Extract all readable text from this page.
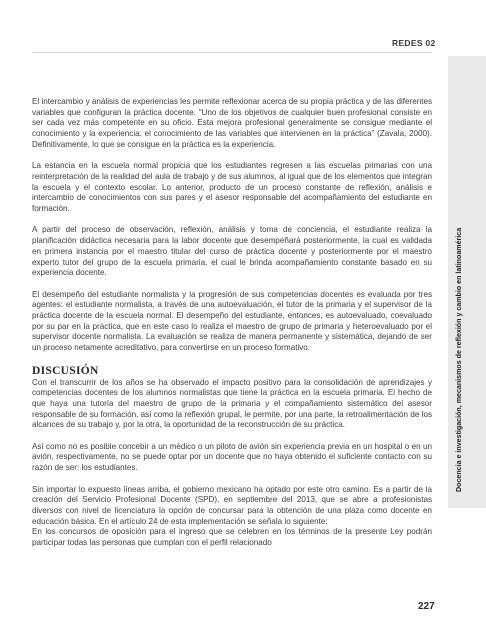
REDES 02
Docencia e investigación, mecanismos de reflexión y cambio en latinoamérica

El intercambio y análisis de experiencias les permite reflexionar acerca de su propia práctica y de las diferentes variables que configuran la práctica docente. “Uno de los objetivos de cualquier buen profesional consiste en ser cada vez más competente en su oficio. Esta mejora profesional generalmente se consigue mediante el conocimiento y la experiencia: el conocimiento de las variables que intervienen en la práctica” (Zavala, 2000). Definitivamente, lo que se consigue en la práctica es la experiencia.

La estancia en la escuela normal propicia que los estudiantes regresen a las escuelas primarias con una reinterpretación de la realidad del aula de trabajo y de sus alumnos, al igual que de los elementos que integran la escuela y el contexto escolar. Lo anterior, producto de un proceso constante de reflexión, análisis e intercambio de conocimientos con sus pares y el asesor responsable del acompañamiento del estudiante en formación.

A partir del proceso de observación, reflexión, análisis y toma de conciencia, el estudiante realiza la planificación didáctica necesaria para la labor docente que desempeñará posteriormente, la cual es validada en primera instancia por el maestro titular del curso de práctica docente y posteriormente por el maestro experto tutor del grupo de la escuela primaria, el cual le brinda acompañamiento constante basado en su experiencia docente.

El desempeño del estudiante normalista y la progresión de sus competencias docentes es evaluada por tres agentes: el estudiante normalista, a través de una autoevaluación, el tutor de la primaria y el supervisor de la práctica docente de la escuela normal. El desempeño del estudiante, entonces, es autoevaluado, coevaluado por su par en la práctica, que en este caso lo realiza el maestro de grupo de primaria y heteroevaluado por el supervisor docente normalista. La evaluación se realiza de manera permanente y sistemática, dejando de ser un proceso netamente acreditativo, para convertirse en un proceso formativo.

DISCUSIÓN

Con el transcurrir de los años se ha observado el impacto positivo para la consolidación de aprendizajes y competencias docentes de los alumnos normalistas que tiene la práctica en la escuela primaria. El hecho de que haya una tutoría del maestro de grupo de la primaria y el compañamiento sistemático del asesor responsable de su formación, así como la reflexión grupal, le permite, por una parte, la retroalimentación de los alcances de su trabajo y, por la otra, la oportunidad de la reconstrucción de su práctica.

Así como no es posible concebir a un médico o un piloto de avión sin experiencia previa en un hospital o en un avión, respectivamente, no se puede optar por un docente que no haya obtenido el suficiente contacto con su razón de ser: los estudiantes.

Sin importar lo expuesto líneas arriba, el gobierno mexicano ha optado por este otro camino. Es a partir de la creación del Servicio Profesional Docente (SPD), en septiembre del 2013, que se abre a profesionistas diversos con nivel de licenciatura la opción de concursar para la obtención de una plaza como docente en educación básica. En el artículo 24 de esta implementación se señala lo siguiente:

En los concursos de oposición para el ingreso que se celebren en los términos de la presente Ley podrán participar todas las personas que cumplan con el perfil relacionado

227
